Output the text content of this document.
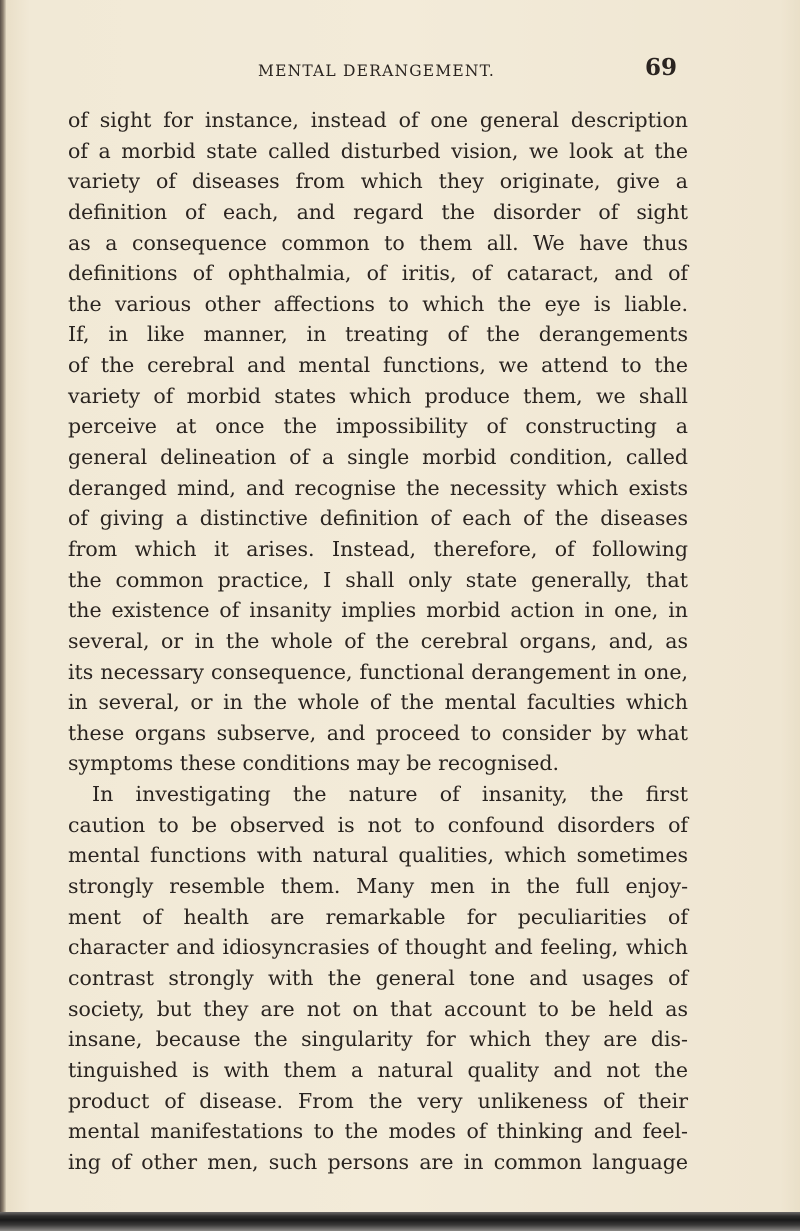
MENTAL DERANGEMENT.	69
of sight for instance, instead of one general description
of a morbid state called disturbed vision, we look at the
variety of diseases from which they originate, give a
definition of each, and regard the disorder of sight
as a consequence common to them all. We have thus
definitions of ophthalmia, of iritis, of cataract, and of
the various other affections to which the eye is liable.
If, in like manner, in treating of the derangements
of the cerebral and mental functions, we attend to the
variety of morbid states which produce them, we shall
perceive at once the impossibility of constructing a
general delineation of a single morbid condition, called
deranged mind, and recognise the necessity which exists
of giving a distinctive definition of each of the diseases
from which it arises. Instead, therefore, of following
the common practice, I shall only state generally, that
the existence of insanity implies morbid action in one, in
several, or in the whole of the cerebral organs, and, as
its necessary consequence, functional derangement in one,
in several, or in the whole of the mental faculties which
these organs subserve, and proceed to consider by what
symptoms these conditions may be recognised.
In investigating the nature of insanity, the first
caution to be observed is not to confound disorders of
mental functions with natural qualities, which sometimes
strongly resemble them. Many men in the full enjoy-
ment of health are remarkable for peculiarities of
character and idiosyncrasies of thought and feeling, which
contrast strongly with the general tone and usages of
society, but they are not on that account to be held as
insane, because the singularity for which they are dis-
tinguished is with them a natural quality and not the
product of disease. From the very unlikeness of their
mental manifestations to the modes of thinking and feel-
ing of other men, such persons are in common language
